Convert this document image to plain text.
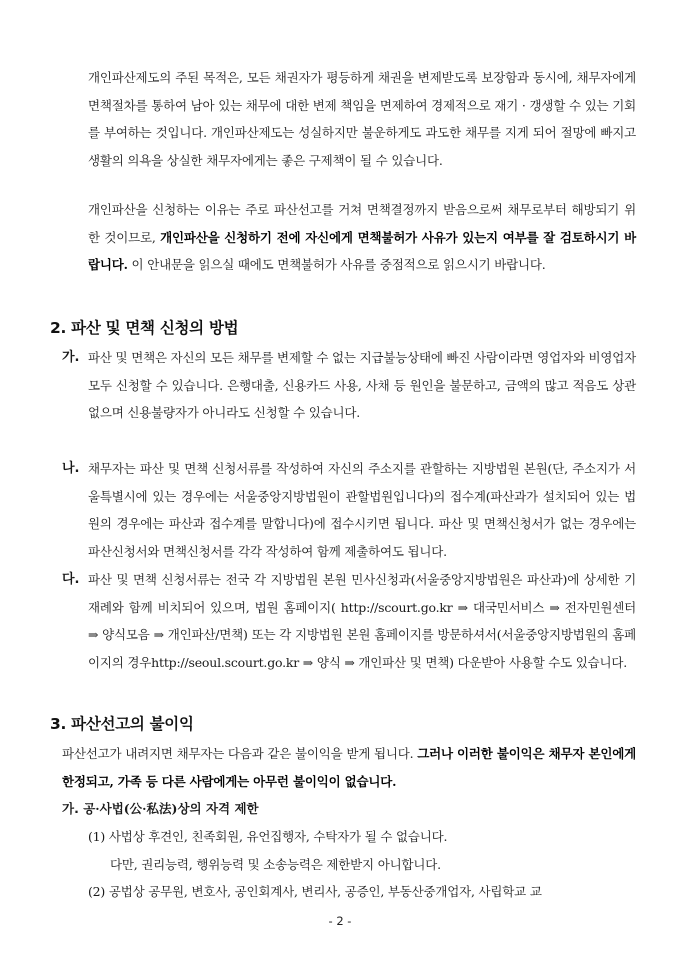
개인파산제도의 주된 목적은, 모든 채권자가 평등하게 채권을 변제받도록 보장함과 동시에, 채무자에게 면책절차를 통하여 남아 있는 채무에 대한 변제 책임을 면제하여 경제적으로 재기 · 갱생할 수 있는 기회를 부여하는 것입니다. 개인파산제도는 성실하지만 불운하게도 과도한 채무를 지게 되어 절망에 빠지고 생활의 의욕을 상실한 채무자에게는 좋은 구제책이 될 수 있습니다.

개인파산을 신청하는 이유는 주로 파산선고를 거쳐 면책결정까지 받음으로써 채무로부터 해방되기 위한 것이므로, 개인파산을 신청하기 전에 자신에게 면책불허가 사유가 있는지 여부를 잘 검토하시기 바랍니다. 이 안내문을 읽으실 때에도 면책불허가 사유를 중점적으로 읽으시기 바랍니다.

2. 파산 및 면책 신청의 방법
가. 파산 및 면책은 자신의 모든 채무를 변제할 수 없는 지급불능상태에 빠진 사람이라면 영업자와 비영업자 모두 신청할 수 있습니다. 은행대출, 신용카드 사용, 사채 등 원인을 불문하고, 금액의 많고 적음도 상관없으며 신용불량자가 아니라도 신청할 수 있습니다.
나. 채무자는 파산 및 면책 신청서류를 작성하여 자신의 주소지를 관할하는 지방법원 본원(단, 주소지가 서울특별시에 있는 경우에는 서울중앙지방법원이 관할법원입니다)의 접수계(파산과가 설치되어 있는 법원의 경우에는 파산과 접수계를 말합니다)에 접수시키면 됩니다. 파산 및 면책신청서가 없는 경우에는 파산신청서와 면책신청서를 각각 작성하여 함께 제출하여도 됩니다.
다. 파산 및 면책 신청서류는 전국 각 지방법원 본원 민사신청과(서울중앙지방법원은 파산과)에 상세한 기재례와 함께 비치되어 있으며, 법원 홈페이지( http://scourt.go.kr ⇒ 대국민서비스 ⇒ 전자민원센터 ⇒ 양식모음 ⇒ 개인파산/면책) 또는 각 지방법원 본원 홈페이지를 방문하셔서(서울중앙지방법원의 홈페이지의 경우http://seoul.scourt.go.kr ⇒ 양식 ⇒ 개인파산 및 면책) 다운받아 사용할 수도 있습니다.
3. 파산선고의 불이익

파산선고가 내려지면 채무자는 다음과 같은 불이익을 받게 됩니다. 그러나 이러한 불이익은 채무자 본인에게 한정되고, 가족 등 다른 사람에게는 아무런 불이익이 없습니다.

가. 공·사법(公·私法)상의 자격 제한

(1) 사법상 후견인, 친족회원, 유언집행자, 수탁자가 될 수 없습니다.

다만, 권리능력, 행위능력 및 소송능력은 제한받지 아니합니다.

(2) 공법상 공무원, 변호사, 공인회계사, 변리사, 공증인, 부동산중개업자, 사립학교 교

- 2 -
